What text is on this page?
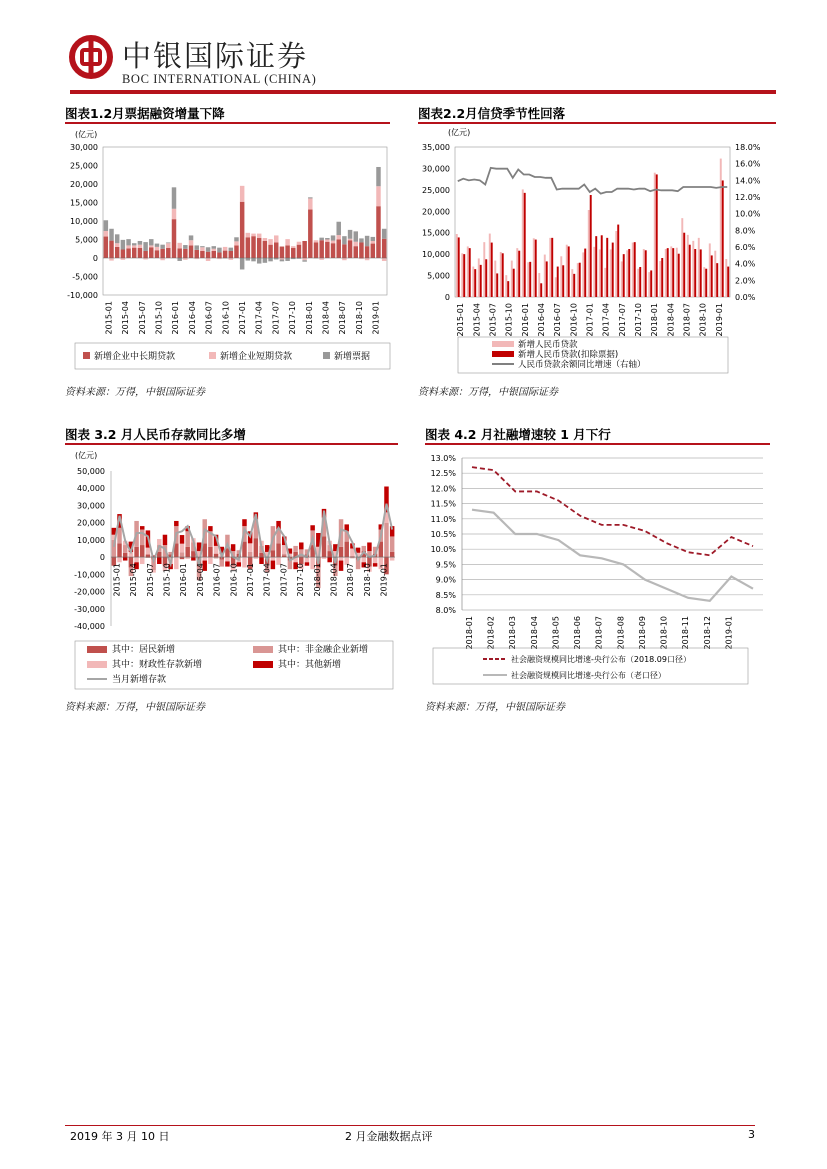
中银国际证券
BOC INTERNATIONAL (CHINA)
图表1.2月票据融资增量下降
(亿元)
30,000
25,000
20,000
15,000
10,000
5,000
0
-5,000
-10,000
2015-01 2015-04 2015-07 2015-10 2016-01 2016-04 2016-07 2016-10 2017-01 2017-04 2017-07 2017-10 2018-01 2018-04 2018-07 2018-10 2019-01
新增企业中长期贷款	新增企业短期贷款	新增票据
资料来源：万得，中银国际证券
图表2.2月信贷季节性回落
(亿元)
35,000
30,000
25,000
20,000
15,000
10,000
5,000
0
18.0%
16.0%
14.0%
12.0%
10.0%
8.0%
6.0%
4.0%
2.0%
0.0%
2015-01 2015-04 2015-07 2015-10 2016-01 2016-04 2016-07 2016-10 2017-01 2017-04 2017-07 2017-10 2018-01 2018-04 2018-07 2018-10 2019-01
新增人民币贷款
新增人民币贷款(扣除票据)
人民币贷款余额同比增速（右轴）
资料来源：万得，中银国际证券
图表 3.2 月人民币存款同比多增
(亿元)
50,000
40,000
30,000
20,000
10,000
0
-10,000
-20,000
-30,000
-40,000
2015-01 2015-04 2015-07 2015-10 2016-01 2016-04 2016-07 2016-10 2017-01 2017-04 2017-07 2017-10 2018-01 2018-04 2018-07 2018-10 2019-01
其中：居民新增	其中：非金融企业新增
其中：财政性存款新增	其中：其他新增
当月新增存款
资料来源：万得，中银国际证券
图表 4.2 月社融增速较 1 月下行
13.0%
12.5%
12.0%
11.5%
11.0%
10.5%
10.0%
9.5%
9.0%
8.5%
8.0%
2018-01 2018-02 2018-03 2018-04 2018-05 2018-06 2018-07 2018-08 2018-09 2018-10 2018-11 2018-12 2019-01
社会融资规模同比增速-央行公布（2018.09口径）
社会融资规模同比增速-央行公布（老口径）
资料来源：万得，中银国际证券
2019 年 3 月 10 日	2 月金融数据点评	3
